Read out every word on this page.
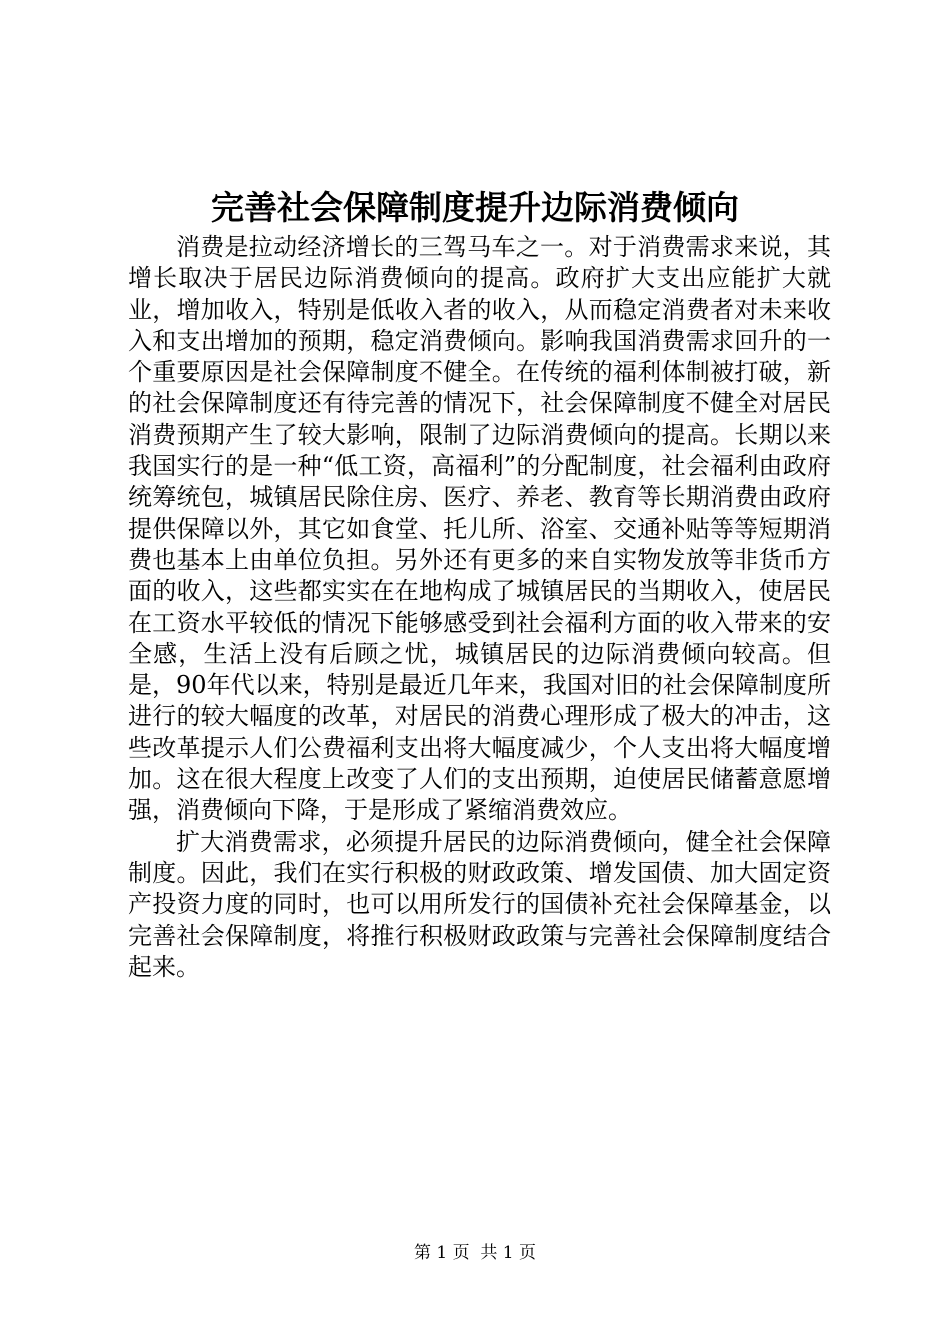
完善社会保障制度提升边际消费倾向

消费是拉动经济增长的三驾马车之一。对于消费需求来说，其增长取决于居民边际消费倾向的提高。政府扩大支出应能扩大就业，增加收入，特别是低收入者的收入，从而稳定消费者对未来收入和支出增加的预期，稳定消费倾向。影响我国消费需求回升的一个重要原因是社会保障制度不健全。在传统的福利体制被打破，新的社会保障制度还有待完善的情况下，社会保障制度不健全对居民消费预期产生了较大影响，限制了边际消费倾向的提高。长期以来我国实行的是一种“低工资，高福利”的分配制度，社会福利由政府统筹统包，城镇居民除住房、医疗、养老、教育等长期消费由政府提供保障以外，其它如食堂、托儿所、浴室、交通补贴等等短期消费也基本上由单位负担。另外还有更多的来自实物发放等非货币方面的收入，这些都实实在在地构成了城镇居民的当期收入，使居民在工资水平较低的情况下能够感受到社会福利方面的收入带来的安全感，生活上没有后顾之忧，城镇居民的边际消费倾向较高。但是，90年代以来，特别是最近几年来，我国对旧的社会保障制度所进行的较大幅度的改革，对居民的消费心理形成了极大的冲击，这些改革提示人们公费福利支出将大幅度减少，个人支出将大幅度增加。这在很大程度上改变了人们的支出预期，迫使居民储蓄意愿增强，消费倾向下降，于是形成了紧缩消费效应。

扩大消费需求，必须提升居民的边际消费倾向，健全社会保障制度。因此，我们在实行积极的财政政策、增发国债、加大固定资产投资力度的同时，也可以用所发行的国债补充社会保障基金，以完善社会保障制度，将推行积极财政政策与完善社会保障制度结合起来。

第 1 页  共 1 页
